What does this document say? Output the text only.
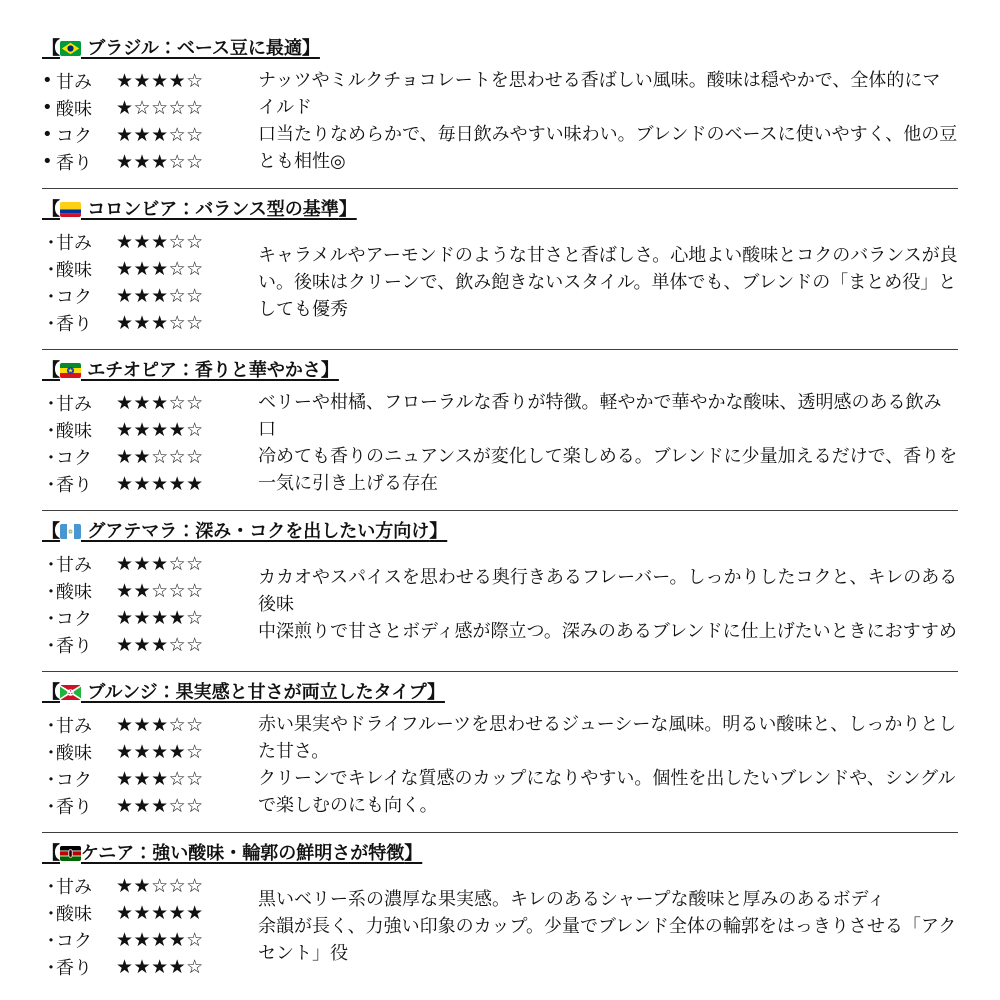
【 ブラジル：ベース豆に最適】
• 甘み	★★★★☆
• 酸味	★☆☆☆☆
• コク	★★★☆☆
• 香り	★★★☆☆

ナッツやミルクチョコレートを思わせる香ばしい風味。酸味は穏やかで、全体的にマイルド

口当たりなめらかで、毎日飲みやすい味わい。ブレンドのベースに使いやすく、他の豆とも相性◎

【 コロンビア：バランス型の基準】
・
甘み	★★★☆☆
・
酸味	★★★☆☆
・
コク	★★★☆☆
・
香り	★★★☆☆

キャラメルやアーモンドのような甘さと香ばしさ。心地よい酸味とコクのバランスが良い。後味はクリーンで、飲み飽きないスタイル。単体でも、ブレンドの「まとめ役」としても優秀

【 エチオピア：香りと華やかさ】
・
甘み	★★★☆☆
・
酸味	★★★★☆
・
コク	★★☆☆☆
・
香り	★★★★★

ベリーや柑橘、フローラルな香りが特徴。軽やかで華やかな酸味、透明感のある飲み口

冷めても香りのニュアンスが変化して楽しめる。ブレンドに少量加えるだけで、香りを一気に引き上げる存在

【 グアテマラ：深み・コクを出したい方向け】
・
甘み	★★★☆☆
・
酸味	★★☆☆☆
・
コク	★★★★☆
・
香り	★★★☆☆

カカオやスパイスを思わせる奥行きあるフレーバー。しっかりしたコクと、キレのある後味

中深煎りで甘さとボディ感が際立つ。深みのあるブレンドに仕上げたいときにおすすめ

【 ブルンジ：果実感と甘さが両立したタイプ】
・
甘み	★★★☆☆
・
酸味	★★★★☆
・
コク	★★★☆☆
・
香り	★★★☆☆

赤い果実やドライフルーツを思わせるジューシーな風味。明るい酸味と、しっかりとした甘さ。

クリーンでキレイな質感のカップになりやすい。個性を出したいブレンドや、シングルで楽しむのにも向く。

【 ケニア：強い酸味・輪郭の鮮明さが特徴】
・
甘み	★★☆☆☆
・
酸味	★★★★★
・
コク	★★★★☆
・
香り	★★★★☆

黒いベリー系の濃厚な果実感。キレのあるシャープな酸味と厚みのあるボディ

余韻が長く、力強い印象のカップ。少量でブレンド全体の輪郭をはっきりさせる「アクセント」役
